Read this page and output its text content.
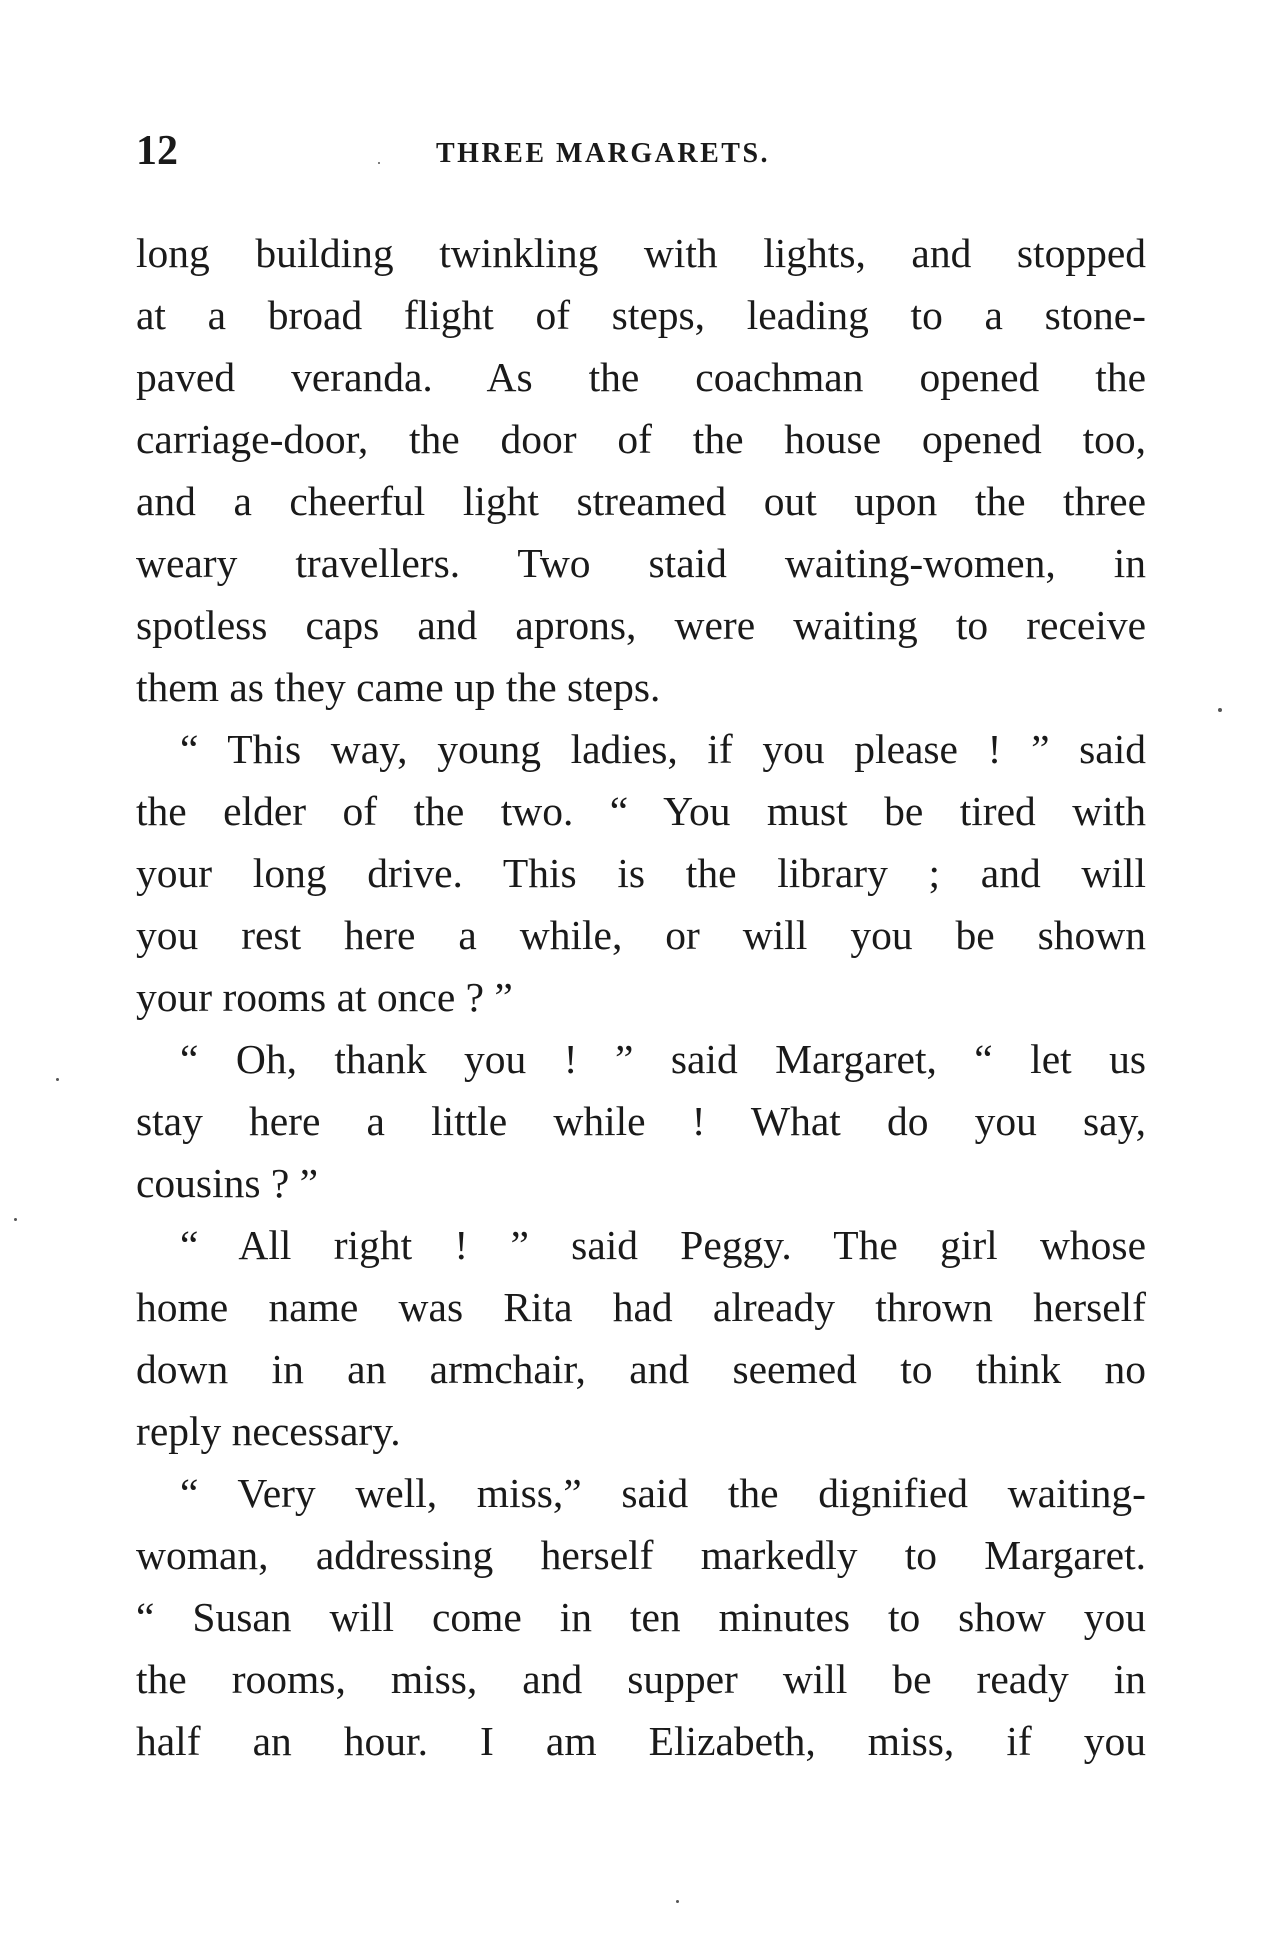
12	THREE MARGARETS.
long building twinkling with lights, and stopped
at a broad flight of steps, leading to a stone-
paved veranda. As the coachman opened the
carriage-door, the door of the house opened too,
and a cheerful light streamed out upon the three
weary travellers. Two staid waiting-women, in
spotless caps and aprons, were waiting to receive
them as they came up the steps.
“ This way, young ladies, if you please ! ” said
the elder of the two. “ You must be tired with
your long drive. This is the library ; and will
you rest here a while, or will you be shown
your rooms at once ? ”
“ Oh, thank you ! ” said Margaret, “ let us
stay here a little while ! What do you say,
cousins ? ”
“ All right ! ” said Peggy. The girl whose
home name was Rita had already thrown herself
down in an armchair, and seemed to think no
reply necessary.
“ Very well, miss,” said the dignified waiting-
woman, addressing herself markedly to Margaret.
“ Susan will come in ten minutes to show you
the rooms, miss, and supper will be ready in
half an hour. I am Elizabeth, miss, if you
